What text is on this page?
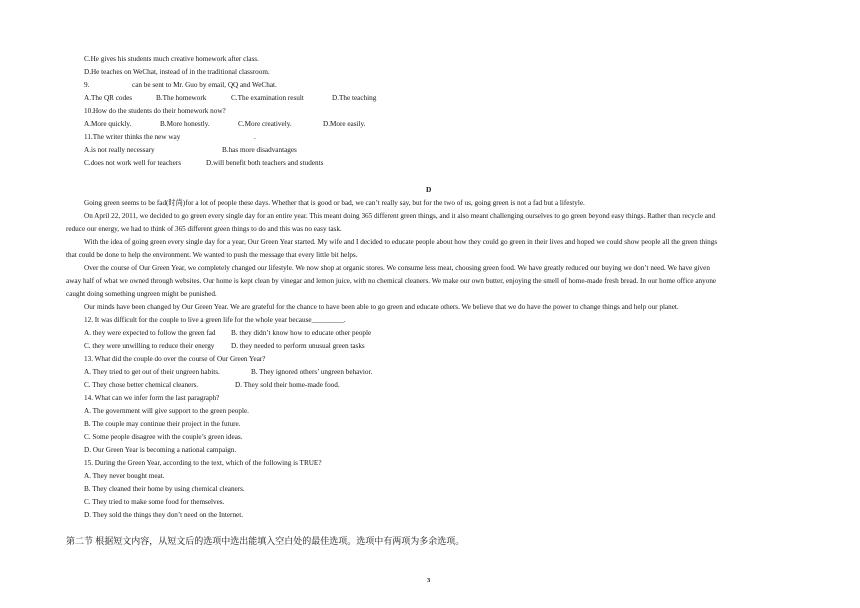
C.He gives his students much creative homework after class.
D.He teaches on WeChat, instead of in the traditional classroom.
9.	can be sent to Mr. Guo by email, QQ and WeChat.
A.The QR codes	B.The homework	C.The examination result	D.The teaching
10.How do the students do their homework now?
A.More quickly.	B.More honestly.	C.More creatively.	D.More easily.
11.The writer thinks the new way	.
A.is not really necessary	B.has more disadvantages
C.does not work well for teachers	D.will benefit both teachers and students
D
Going green seems to be fad(时尚)for a lot of people these days. Whether that is good or bad, we can’t really say, but for the two of us, going green is not a fad but a lifestyle.
On April 22, 2011, we decided to go green every single day for an entire year. This meant doing 365 different green things, and it also meant challenging ourselves to go green beyond easy things. Rather than recycle and
reduce our energy, we had to think of 365 different green things to do and this was no easy task.
With the idea of going green every single day for a year, Our Green Year started. My wife and I decided to educate people about how they could go green in their lives and hoped we could show people all the green things
that could be done to help the environment. We wanted to push the message that every little bit helps.
Over the course of Our Green Year, we completely changed our lifestyle. We now shop at organic stores. We consume less meat, choosing green food. We have greatly reduced our buying we don’t need. We have given
away half of what we owned through websites. Our home is kept clean by vinegar and lemon juice, with no chemical cleaners. We make our own butter, enjoying the smell of home-made fresh bread. In our home office anyone
caught doing something ungreen might be punished.
Our minds have been changed by Our Green Year. We are grateful for the chance to have been able to go green and educate others. We believe that we do have the power to change things and help our planet.
12. It was difficult for the couple to live a green life for the whole year because_________.
A. they were expected to follow the green fad B. they didn’t know how to educate other people
C. they were unwilling to reduce their energy D. they needed to perform unusual green tasks
13. What did the couple do over the course of Our Green Year?
A. They tried to get out of their ungreen habits.	B. They ignored others’ ungreen behavior.
C. They chose better chemical cleaners.	D. They sold their home-made food.
14. What can we infer form the last paragraph?
A. The government will give support to the green people.
B. The couple may continue their project in the future.
C. Some people disagree with the couple’s green ideas.
D. Our Green Year is becoming a national campaign.
15. During the Green Year, according to the text, which of the following is TRUE?
A. They never bought meat.
B. They cleaned their home by using chemical cleaners.
C. They tried to make some food for themselves.
D. They sold the things they don’t need on the Internet.
第二节 根据短文内容，从短文后的选项中选出能填入空白处的最佳选项。选项中有两项为多余选项。
3
